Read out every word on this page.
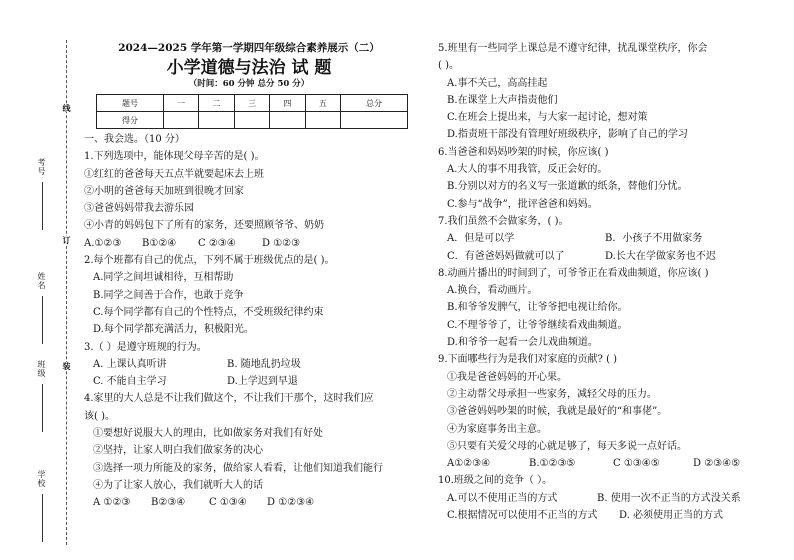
考号
姓名
班级
学校
线
订
装

2024—2025 学年第一学期四年级综合素养展示（二）

小学道德与法治 试 题

（时间：60 分钟 总分 50 分）

题号	一	二	三	四	五	总分
得分						

一、我会选。（10 分）

1.下列选项中，能体现父母辛苦的是( )。

①红红的爸爸每天五点半就要起床去上班

②小明的爸爸每天加班到很晚才回家

③爸爸妈妈带我去游乐园

④小青的妈妈包下了所有的家务，还要照顾爷爷、奶奶

A.①②③	B①②④	C ②③④	D ①②③

2.每个班都有自己的优点，下列不属于班级优点的是( )。

A.同学之间坦诚相待，互相帮助

B.同学之间善于合作，也敢于竞争

C.每个同学都有自己的个性特点，不受班级纪律约束

D.每个同学都充满活力，积极阳光。

3.（ ）是遵守班规的行为。

A. 上课认真听讲	B. 随地乱扔垃圾

C. 不能自主学习	D.上学迟到早退

4.家里的大人总是不让我们做这个，不让我们干那个，这时我们应

该( )。

①要想好说服大人的理由，比如做家务对我们有好处

②坚持，让家人明白我们做家务的决心

③选择一项力所能及的家务，做给家人看看，让他们知道我们能行

④为了让家人放心，我们就听大人的话

A ①②③	B②③④	C ①③④	D ①②③④

5.班里有一些同学上课总是不遵守纪律，扰乱课堂秩序，你会

( )。

A.事不关己，高高挂起

B.在课堂上大声指责他们

C.在班会上提出来，与大家一起讨论，想对策

D.指责班干部没有管理好班级秩序，影响了自己的学习

6.当爸爸和妈妈吵架的时候，你应该( )

A.大人的事不用我管，反正会好的。

B.分别以对方的名义写一张道歉的纸条，替他们分忧。

C.参与“战争”，批评爸爸和妈妈。

7.我们虽然不会做家务，( )。

A．但是可以学	B．小孩子不用做家务

C．有爸爸妈妈做就可以了	D.长大在学做家务也不迟

8.动画片播出的时间到了，可爷爷正在看戏曲频道，你应该( )

A.换台，看动画片。

B.和爷爷发脾气，让爷爷把电视让给你。

C.不理爷爷了，让爷爷继续看戏曲频道。

D.和爷爷一起看一会儿戏曲频道。

9.下面哪些行为是我们对家庭的贡献? ( )

①我是爸爸妈妈的开心果。

②主动帮父母承担一些家务，减轻父母的压力。

③爸爸妈妈吵架的时候，我就是最好的“和事佬”。

④为家庭事务出主意。

⑤只要有关爱父母的心就足够了，每天多说一点好话。

A①②③④	B.①②③⑤	C ①③④⑤	D ②③④⑤

10.班级之间的竞争（ ）。

A.可以不使用正当的方式	B. 使用一次不正当的方式没关系

C.根据情况可以使用不正当的方式	D. 必须使用正当的方式
